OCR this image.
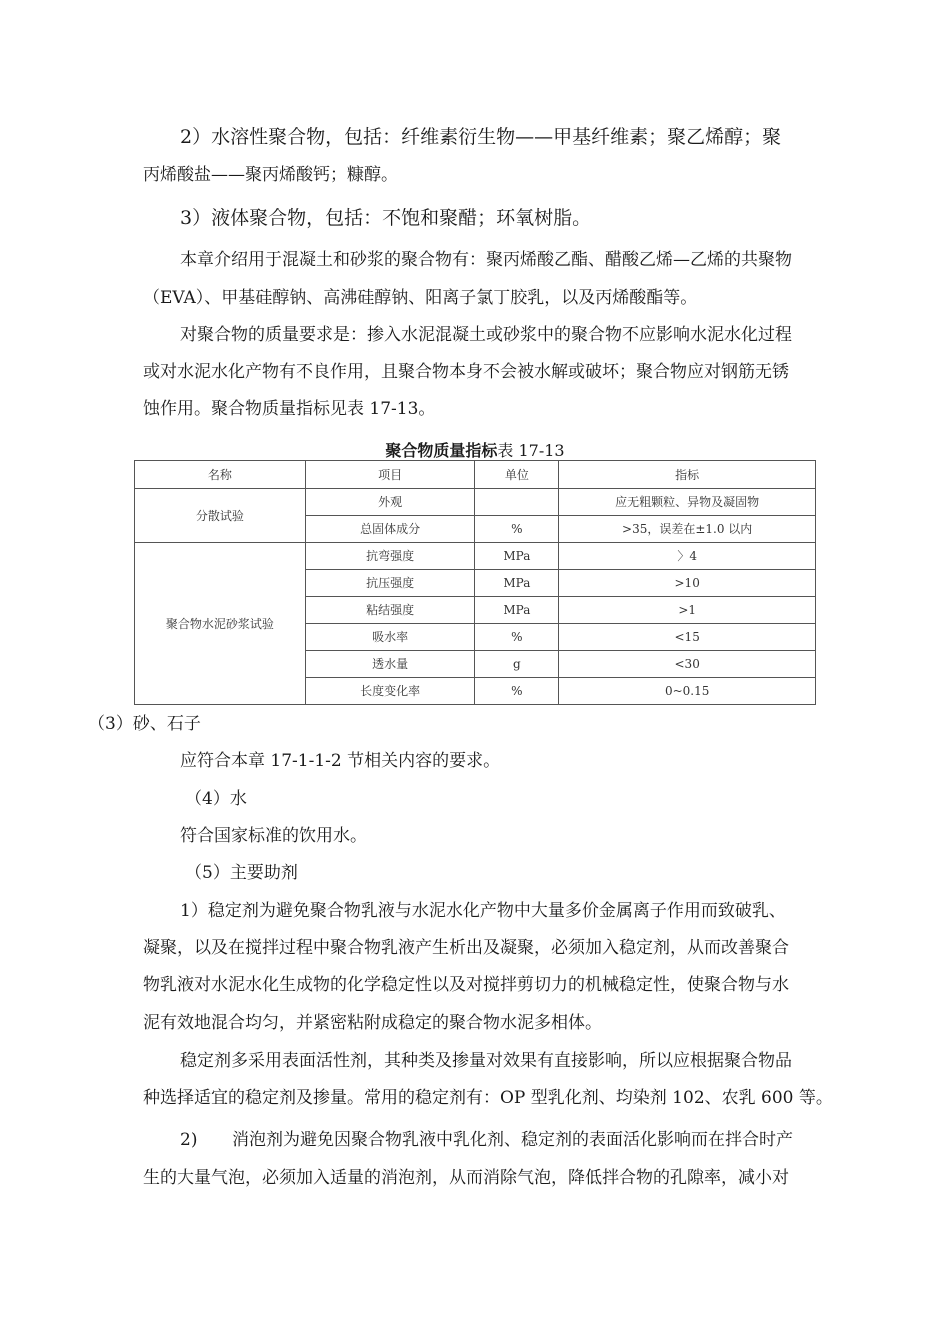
2）水溶性聚合物，包括：纤维素衍生物——甲基纤维素；聚乙烯醇；聚
丙烯酸盐——聚丙烯酸钙；糠醇。
3）液体聚合物，包括：不饱和聚醋；环氧树脂。
本章介绍用于混凝土和砂浆的聚合物有：聚丙烯酸乙酯、醋酸乙烯—乙烯的共聚物
（EVA）、甲基硅醇钠、高沸硅醇钠、阳离子氯丁胶乳，以及丙烯酸酯等。
对聚合物的质量要求是：掺入水泥混凝土或砂浆中的聚合物不应影响水泥水化过程
或对水泥水化产物有不良作用，且聚合物本身不会被水解或破坏；聚合物应对钢筋无锈
蚀作用。聚合物质量指标见表 17-13。
聚合物质量指标表 17-13
名称	项目	单位	指标
分散试验	外观		应无粗颗粒、异物及凝固物
	总固体成分	%	>35，误差在±1.0 以内
聚合物水泥砂浆试验	抗弯强度	MPa	〉4
	抗压强度	MPa	>10
	粘结强度	MPa	>1
	吸水率	%	<15
	透水量	g	<30
	长度变化率	%	0~0.15
（3）砂、石子
应符合本章 17-1-1-2 节相关内容的要求。
（4）水
符合国家标准的饮用水。
（5）主要助剂
1）稳定剂为避免聚合物乳液与水泥水化产物中大量多价金属离子作用而致破乳、
凝聚，以及在搅拌过程中聚合物乳液产生析出及凝聚，必须加入稳定剂，从而改善聚合
物乳液对水泥水化生成物的化学稳定性以及对搅拌剪切力的机械稳定性，使聚合物与水
泥有效地混合均匀，并紧密粘附成稳定的聚合物水泥多相体。
稳定剂多采用表面活性剂，其种类及掺量对效果有直接影响，所以应根据聚合物品
种选择适宜的稳定剂及掺量。常用的稳定剂有：OP 型乳化剂、均染剂 102、农乳 600 等。
2) 消泡剂为避免因聚合物乳液中乳化剂、稳定剂的表面活化影响而在拌合时产
生的大量气泡，必须加入适量的消泡剂，从而消除气泡，降低拌合物的孔隙率，减小对
